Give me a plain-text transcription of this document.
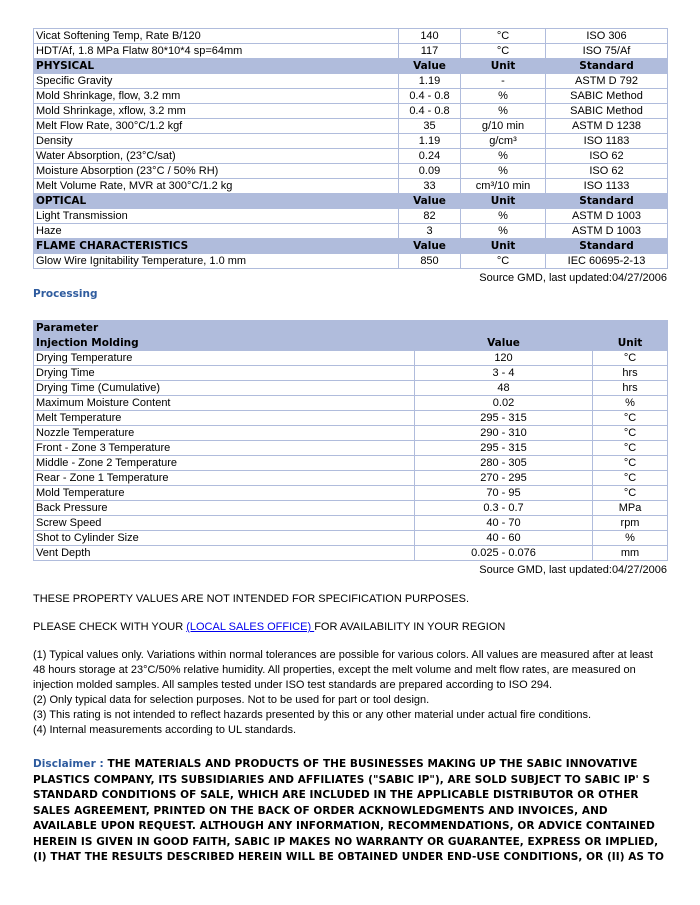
Vicat Softening Temp, Rate B/120	140	°C	ISO 306
HDT/Af, 1.8 MPa Flatw 80*10*4 sp=64mm	117	°C	ISO 75/Af
PHYSICAL	Value	Unit	Standard
Specific Gravity	1.19	-	ASTM D 792
Mold Shrinkage, flow, 3.2 mm	0.4 - 0.8	%	SABIC Method
Mold Shrinkage, xflow, 3.2 mm	0.4 - 0.8	%	SABIC Method
Melt Flow Rate, 300°C/1.2 kgf	35	g/10 min	ASTM D 1238
Density	1.19	g/cm³	ISO 1183
Water Absorption, (23°C/sat)	0.24	%	ISO 62
Moisture Absorption (23°C / 50% RH)	0.09	%	ISO 62
Melt Volume Rate, MVR at 300°C/1.2 kg	33	cm³/10 min	ISO 1133
OPTICAL	Value	Unit	Standard
Light Transmission	82	%	ASTM D 1003
Haze	3	%	ASTM D 1003
FLAME CHARACTERISTICS	Value	Unit	Standard
Glow Wire Ignitability Temperature, 1.0 mm	850	°C	IEC 60695-2-13
Source GMD, last updated:04/27/2006
Processing
Parameter		
Injection Molding	Value	Unit
Drying Temperature	120	°C
Drying Time	3 - 4	hrs
Drying Time (Cumulative)	48	hrs
Maximum Moisture Content	0.02	%
Melt Temperature	295 - 315	°C
Nozzle Temperature	290 - 310	°C
Front - Zone 3 Temperature	295 - 315	°C
Middle - Zone 2 Temperature	280 - 305	°C
Rear - Zone 1 Temperature	270 - 295	°C
Mold Temperature	70 - 95	°C
Back Pressure	0.3 - 0.7	MPa
Screw Speed	40 - 70	rpm
Shot to Cylinder Size	40 - 60	%
Vent Depth	0.025 - 0.076	mm
Source GMD, last updated:04/27/2006
THESE PROPERTY VALUES ARE NOT INTENDED FOR SPECIFICATION PURPOSES.
PLEASE CHECK WITH YOUR (LOCAL SALES OFFICE) FOR AVAILABILITY IN YOUR REGION
(1) Typical values only. Variations within normal tolerances are possible for various colors. All values are measured after at least 48 hours storage at 23°C/50% relative humidity. All properties, except the melt volume and melt flow rates, are measured on injection molded samples. All samples tested under ISO test standards are prepared according to ISO 294.
(2) Only typical data for selection purposes. Not to be used for part or tool design.
(3) This rating is not intended to reflect hazards presented by this or any other material under actual fire conditions.
(4) Internal measurements according to UL standards.
Disclaimer : THE MATERIALS AND PRODUCTS OF THE BUSINESSES MAKING UP THE SABIC INNOVATIVE PLASTICS COMPANY, ITS SUBSIDIARIES AND AFFILIATES ("SABIC IP"), ARE SOLD SUBJECT TO SABIC IP' S STANDARD CONDITIONS OF SALE, WHICH ARE INCLUDED IN THE APPLICABLE DISTRIBUTOR OR OTHER SALES AGREEMENT, PRINTED ON THE BACK OF ORDER ACKNOWLEDGMENTS AND INVOICES, AND AVAILABLE UPON REQUEST. ALTHOUGH ANY INFORMATION, RECOMMENDATIONS, OR ADVICE CONTAINED HEREIN IS GIVEN IN GOOD FAITH, SABIC IP MAKES NO WARRANTY OR GUARANTEE, EXPRESS OR IMPLIED, (I) THAT THE RESULTS DESCRIBED HEREIN WILL BE OBTAINED UNDER END-USE CONDITIONS, OR (II) AS TO
